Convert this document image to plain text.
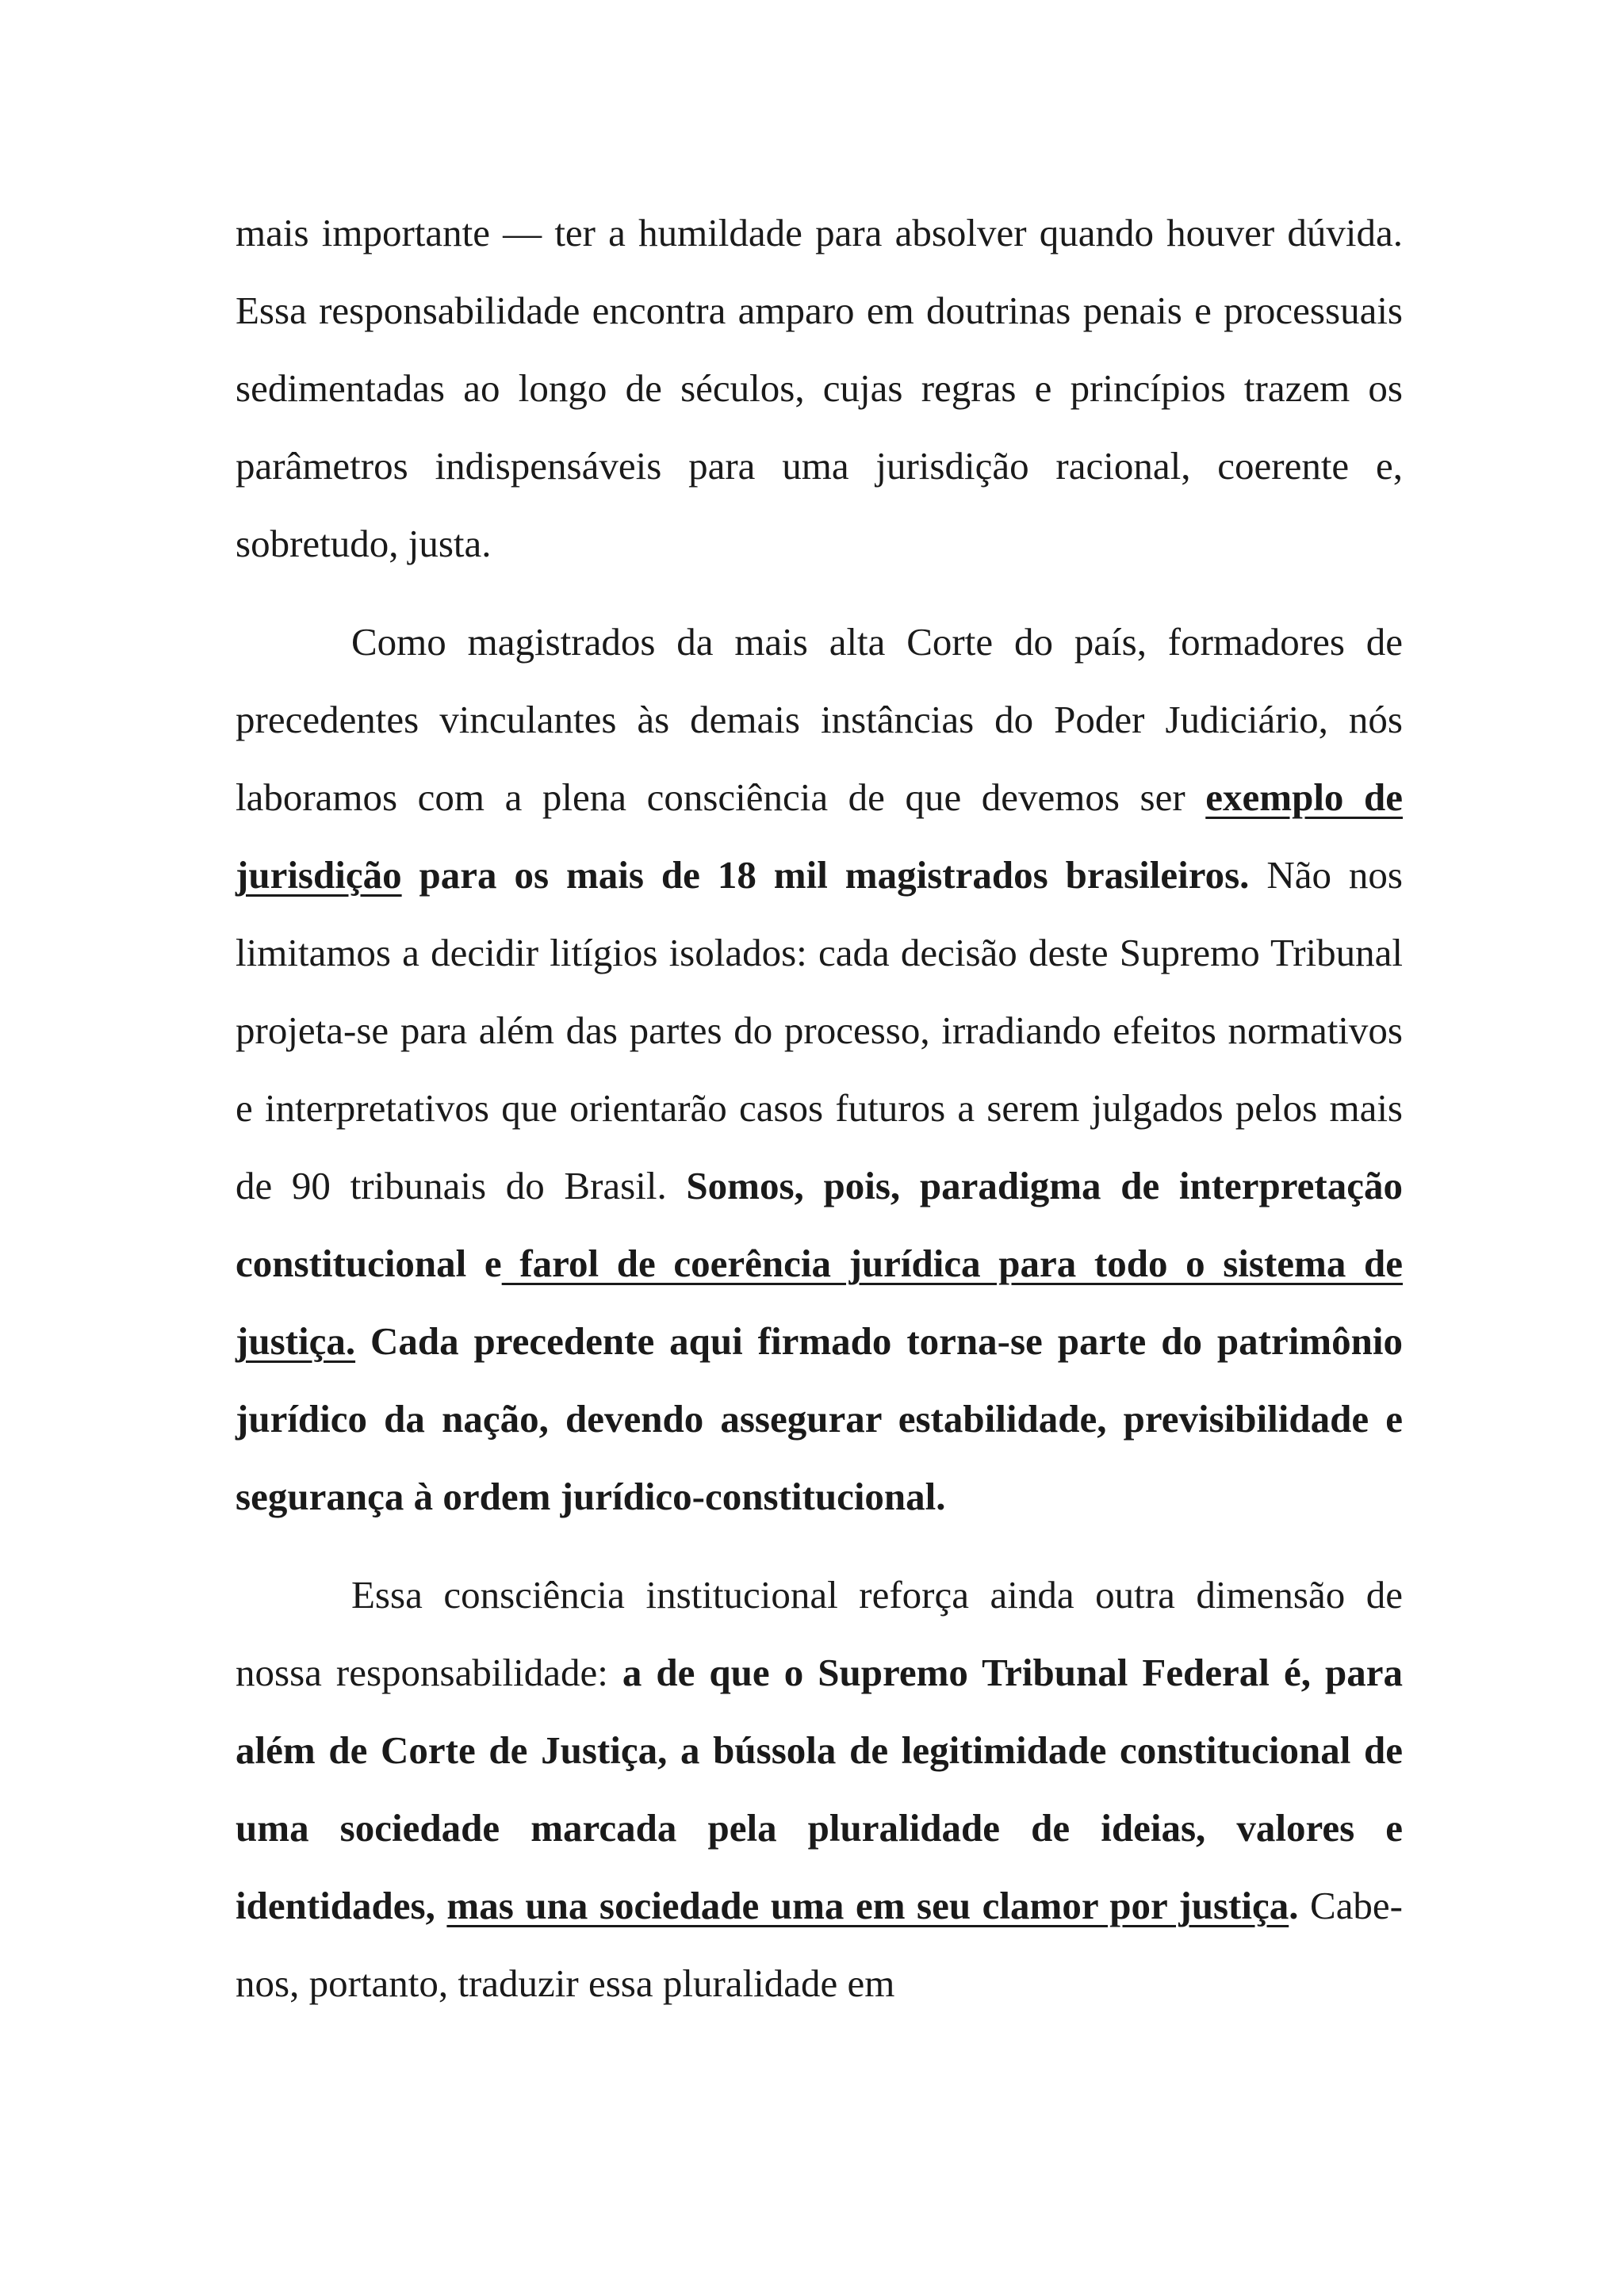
mais importante — ter a humildade para absolver quando houver dúvida. Essa responsabilidade encontra amparo em doutrinas penais e processuais sedimentadas ao longo de séculos, cujas regras e princípios trazem os parâmetros indispensáveis para uma jurisdição racional, coerente e, sobretudo, justa.

Como magistrados da mais alta Corte do país, formadores de precedentes vinculantes às demais instâncias do Poder Judiciário, nós laboramos com a plena consciência de que devemos ser exemplo de jurisdição para os mais de 18 mil magistrados brasileiros. Não nos limitamos a decidir litígios isolados: cada decisão deste Supremo Tribunal projeta-se para além das partes do processo, irradiando efeitos normativos e interpretativos que orientarão casos futuros a serem julgados pelos mais de 90 tribunais do Brasil. Somos, pois, paradigma de interpretação constitucional e farol de coerência jurídica para todo o sistema de justiça. Cada precedente aqui firmado torna-se parte do patrimônio jurídico da nação, devendo assegurar estabilidade, previsibilidade e segurança à ordem jurídico-constitucional.

Essa consciência institucional reforça ainda outra dimensão de nossa responsabilidade: a de que o Supremo Tribunal Federal é, para além de Corte de Justiça, a bússola de legitimidade constitucional de uma sociedade marcada pela pluralidade de ideias, valores e identidades, mas una sociedade uma em seu clamor por justiça. Cabe-nos, portanto, traduzir essa pluralidade em
